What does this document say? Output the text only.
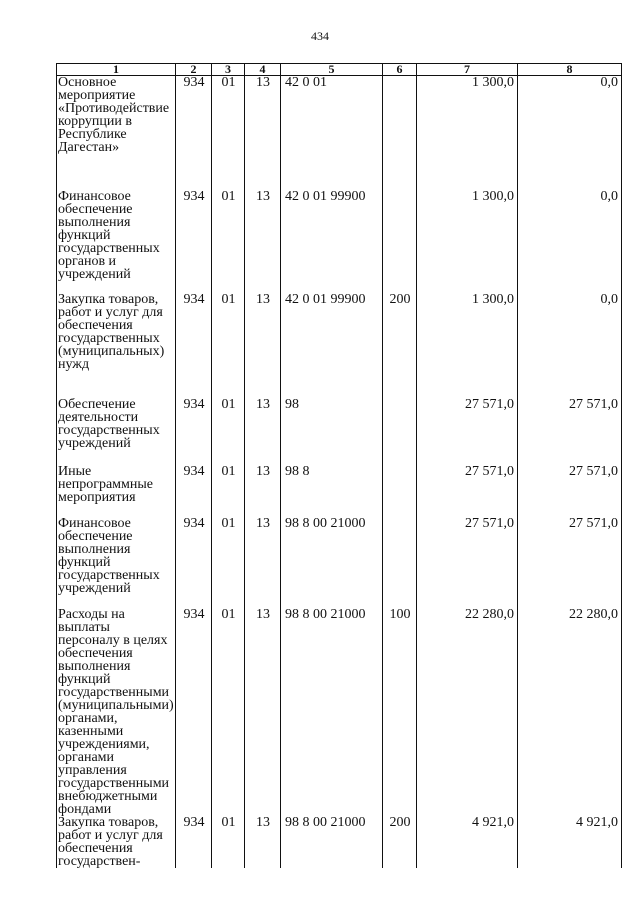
434
1	2	3	4	5	6	7	8
Основное мероприятие «Противодействие коррупции в Республике Дагестан»	934	01	13	42 0 01		1 300,0	0,0
Финансовое обеспечение выполнения функций государственных органов и учреждений	934	01	13	42 0 01 99900		1 300,0	0,0
Закупка товаров, работ и услуг для обеспечения государственных (муниципальных) нужд	934	01	13	42 0 01 99900	200	1 300,0	0,0
Обеспечение деятельности государственных учреждений	934	01	13	98		27 571,0	27 571,0
Иные непрограммные мероприятия	934	01	13	98 8		27 571,0	27 571,0
Финансовое обеспечение выполнения функций государственных учреждений	934	01	13	98 8 00 21000		27 571,0	27 571,0
Расходы на выплаты персоналу в целях обеспечения выполнения функций государственными (муниципальными) органами, казенными учреждениями, органами управления государственными внебюджетными фондами	934	01	13	98 8 00 21000	100	22 280,0	22 280,0
Закупка товаров, работ и услуг для обеспечения государствен-	934	01	13	98 8 00 21000	200	4 921,0	4 921,0
